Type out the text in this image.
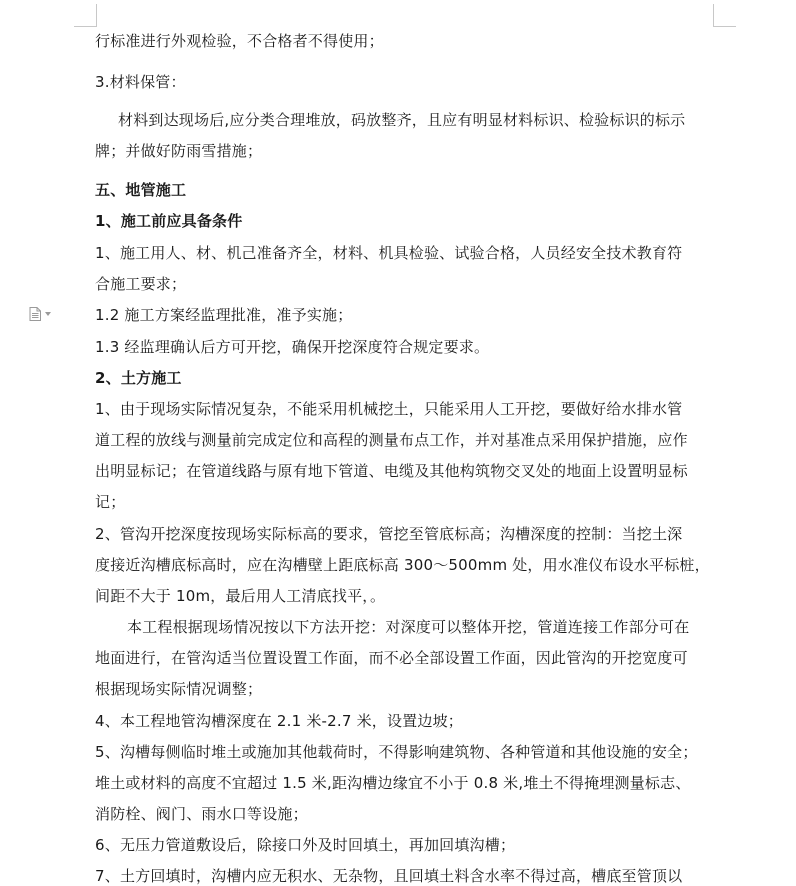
行标准进行外观检验，不合格者不得使用；
3.材料保管：
材料到达现场后,应分类合理堆放，码放整齐，且应有明显材料标识、检验标识的标示
牌；并做好防雨雪措施；
五、地管施工
1、施工前应具备条件
1、施工用人、材、机己准备齐全，材料、机具检验、试验合格，人员经安全技术教育符
合施工要求；
1.2 施工方案经监理批准，准予实施；
1.3 经监理确认后方可开挖，确保开挖深度符合规定要求。
2、土方施工
1、由于现场实际情况复杂，不能采用机械挖土，只能采用人工开挖，要做好给水排水管
道工程的放线与测量前完成定位和高程的测量布点工作，并对基准点采用保护措施，应作
出明显标记；在管道线路与原有地下管道、电缆及其他构筑物交叉处的地面上设置明显标
记；
2、管沟开挖深度按现场实际标高的要求，管挖至管底标高；沟槽深度的控制：当挖土深
度接近沟槽底标高时，应在沟槽壁上距底标高 300～500mm 处，用水准仪布设水平标桩，
间距不大于 10m，最后用人工清底找平，。
本工程根据现场情况按以下方法开挖：对深度可以整体开挖，管道连接工作部分可在
地面进行，在管沟适当位置设置工作面，而不必全部设置工作面，因此管沟的开挖宽度可
根据现场实际情况调整；
4、本工程地管沟槽深度在 2.1 米-2.7 米，设置边坡；
5、沟槽每侧临时堆土或施加其他载荷时，不得影响建筑物、各种管道和其他设施的安全；
堆土或材料的高度不宜超过 1.5 米,距沟槽边缘宜不小于 0.8 米,堆土不得掩埋测量标志、
消防栓、阀门、雨水口等设施；
6、无压力管道敷设后，除接口外及时回填土，再加回填沟槽；
7、土方回填时，沟槽内应无积水、无杂物，且回填土料含水率不得过高，槽底至管顶以
